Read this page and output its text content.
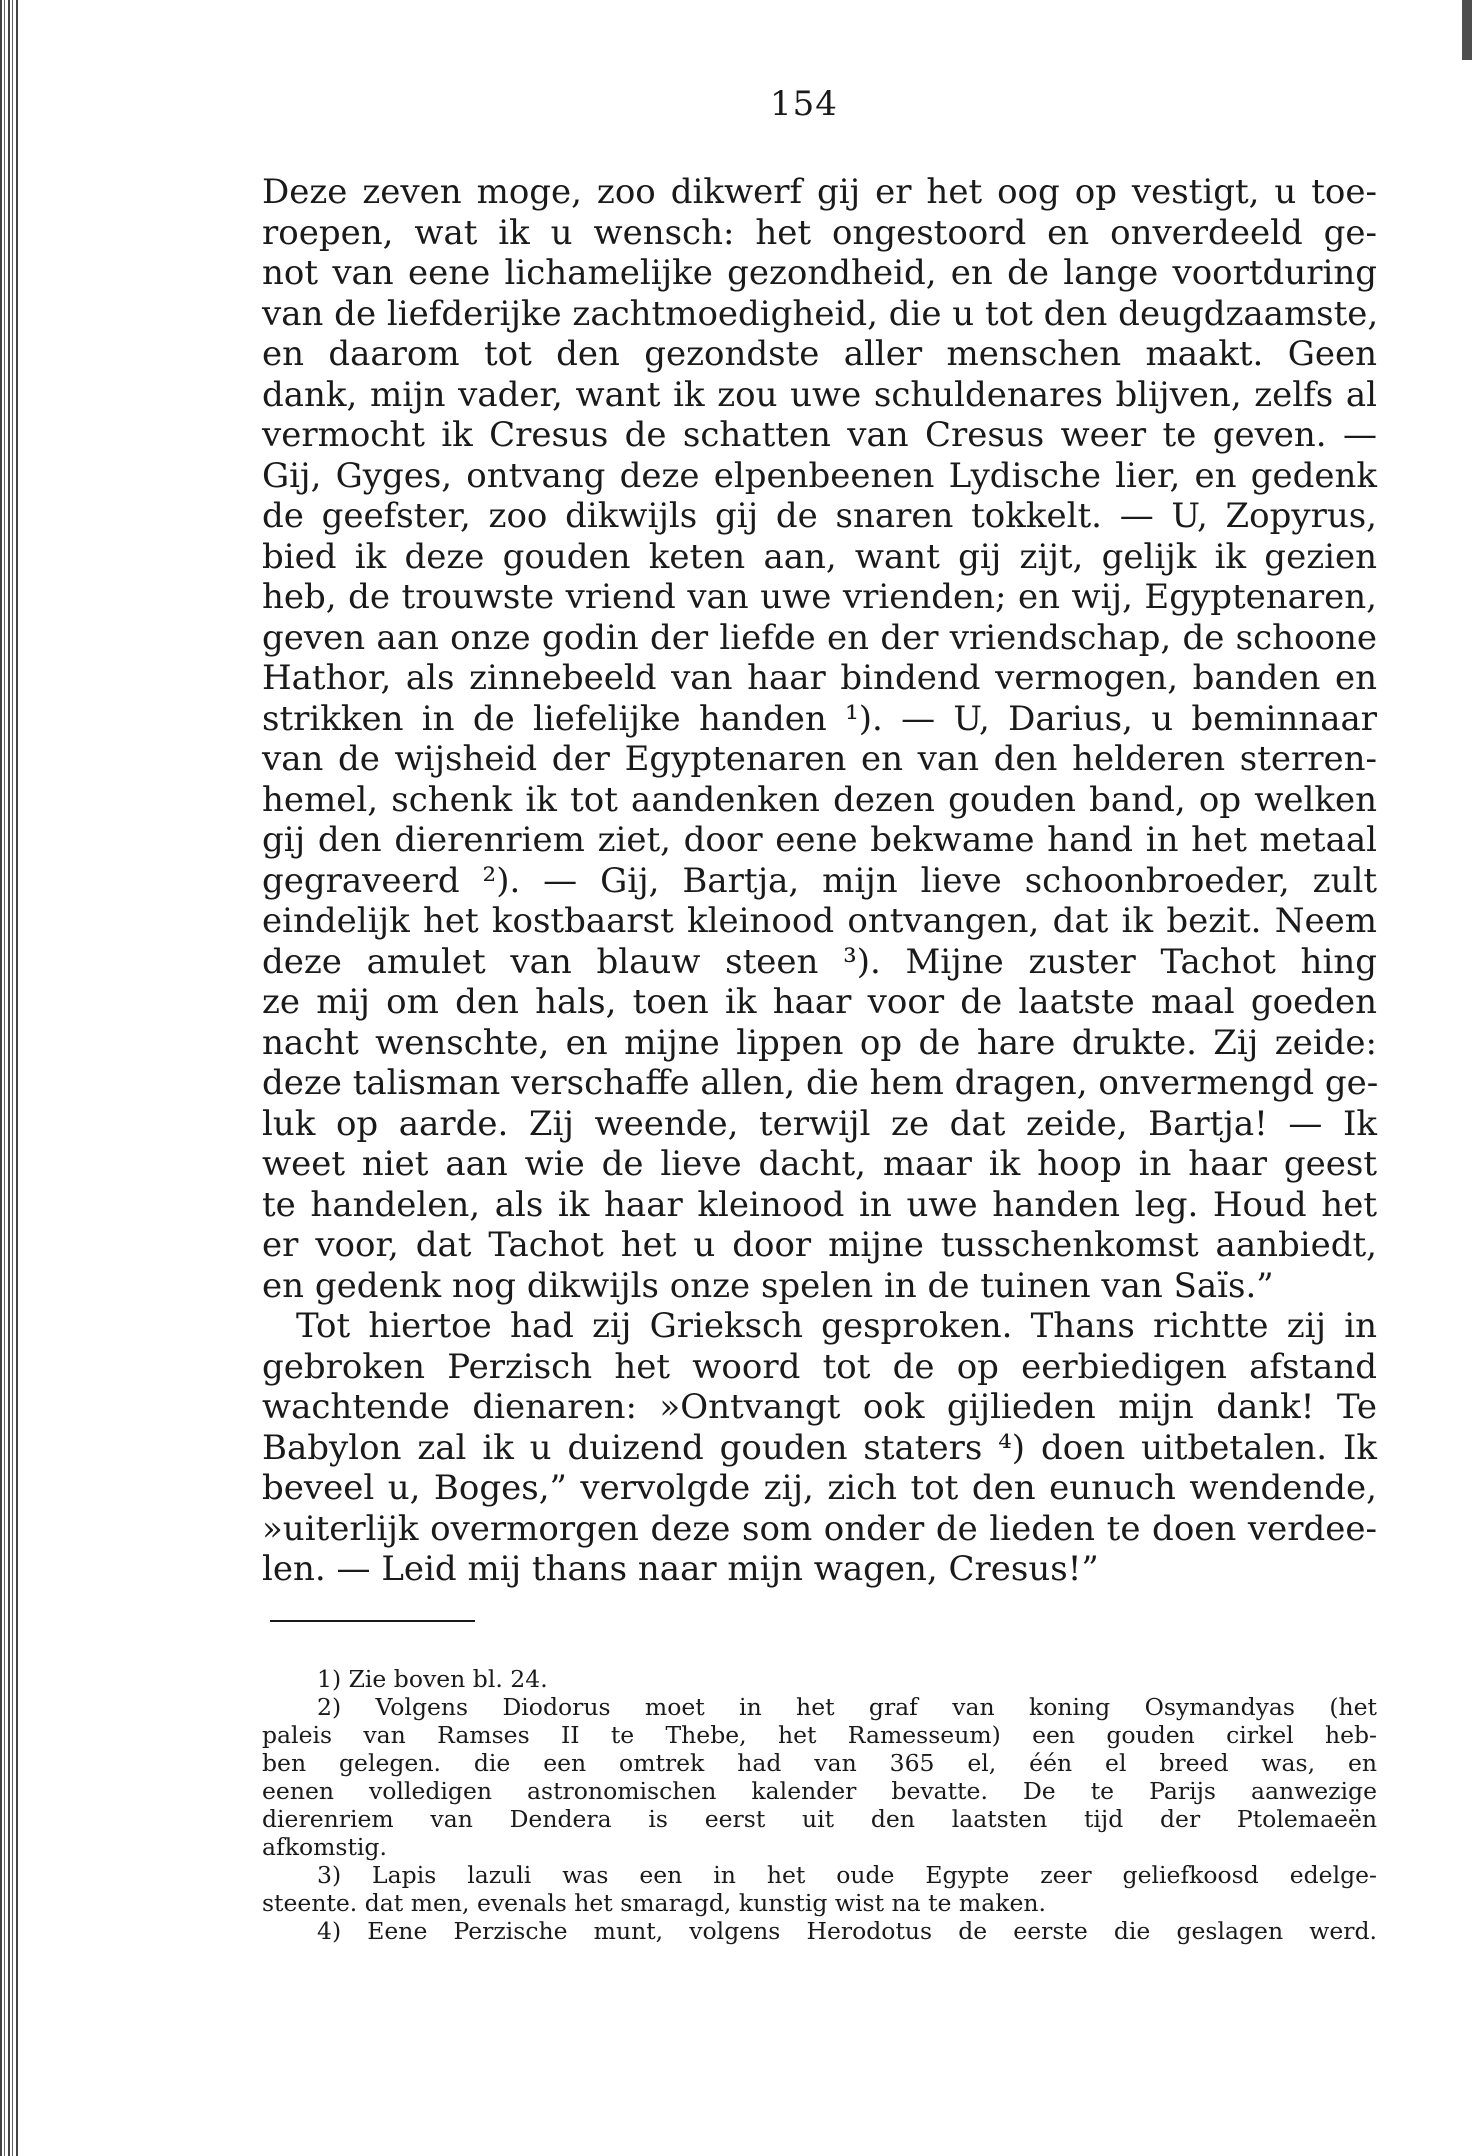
154
Deze zeven moge, zoo dikwerf gij er het oog op vestigt, u toe-
roepen, wat ik u wensch: het ongestoord en onverdeeld ge-
not van eene lichamelijke gezondheid, en de lange voortduring
van de liefderijke zachtmoedigheid, die u tot den deugdzaamste,
en daarom tot den gezondste aller menschen maakt. Geen
dank, mijn vader, want ik zou uwe schuldenares blijven, zelfs al
vermocht ik Cresus de schatten van Cresus weer te geven. —
Gij, Gyges, ontvang deze elpenbeenen Lydische lier, en gedenk
de geefster, zoo dikwijls gij de snaren tokkelt. — U, Zopyrus,
bied ik deze gouden keten aan, want gij zijt, gelijk ik gezien
heb, de trouwste vriend van uwe vrienden; en wij, Egyptenaren,
geven aan onze godin der liefde en der vriendschap, de schoone
Hathor, als zinnebeeld van haar bindend vermogen, banden en
strikken in de liefelijke handen ¹). — U, Darius, u beminnaar
van de wijsheid der Egyptenaren en van den helderen sterren-
hemel, schenk ik tot aandenken dezen gouden band, op welken
gij den dierenriem ziet, door eene bekwame hand in het metaal
gegraveerd ²). — Gij, Bartja, mijn lieve schoonbroeder, zult
eindelijk het kostbaarst kleinood ontvangen, dat ik bezit. Neem
deze amulet van blauw steen ³). Mijne zuster Tachot hing
ze mij om den hals, toen ik haar voor de laatste maal goeden
nacht wenschte, en mijne lippen op de hare drukte. Zij zeide:
deze talisman verschaffe allen, die hem dragen, onvermengd ge-
luk op aarde. Zij weende, terwijl ze dat zeide, Bartja! — Ik
weet niet aan wie de lieve dacht, maar ik hoop in haar geest
te handelen, als ik haar kleinood in uwe handen leg. Houd het
er voor, dat Tachot het u door mijne tusschenkomst aanbiedt,
en gedenk nog dikwijls onze spelen in de tuinen van Saïs.”
Tot hiertoe had zij Grieksch gesproken. Thans richtte zij in
gebroken Perzisch het woord tot de op eerbiedigen afstand
wachtende dienaren: »Ontvangt ook gijlieden mijn dank! Te
Babylon zal ik u duizend gouden staters ⁴) doen uitbetalen. Ik
beveel u, Boges,” vervolgde zij, zich tot den eunuch wendende,
»uiterlijk overmorgen deze som onder de lieden te doen verdee-
len. — Leid mij thans naar mijn wagen, Cresus!”
1) Zie boven bl. 24.
2) Volgens Diodorus moet in het graf van koning Osymandyas (het
paleis van Ramses II te Thebe, het Ramesseum) een gouden cirkel heb-
ben gelegen. die een omtrek had van 365 el, één el breed was, en
eenen volledigen astronomischen kalender bevatte. De te Parijs aanwezige
dierenriem van Dendera is eerst uit den laatsten tijd der Ptolemaeën
afkomstig.
3) Lapis lazuli was een in het oude Egypte zeer geliefkoosd edelge-
steente. dat men, evenals het smaragd, kunstig wist na te maken.
4) Eene Perzische munt, volgens Herodotus de eerste die geslagen werd.
